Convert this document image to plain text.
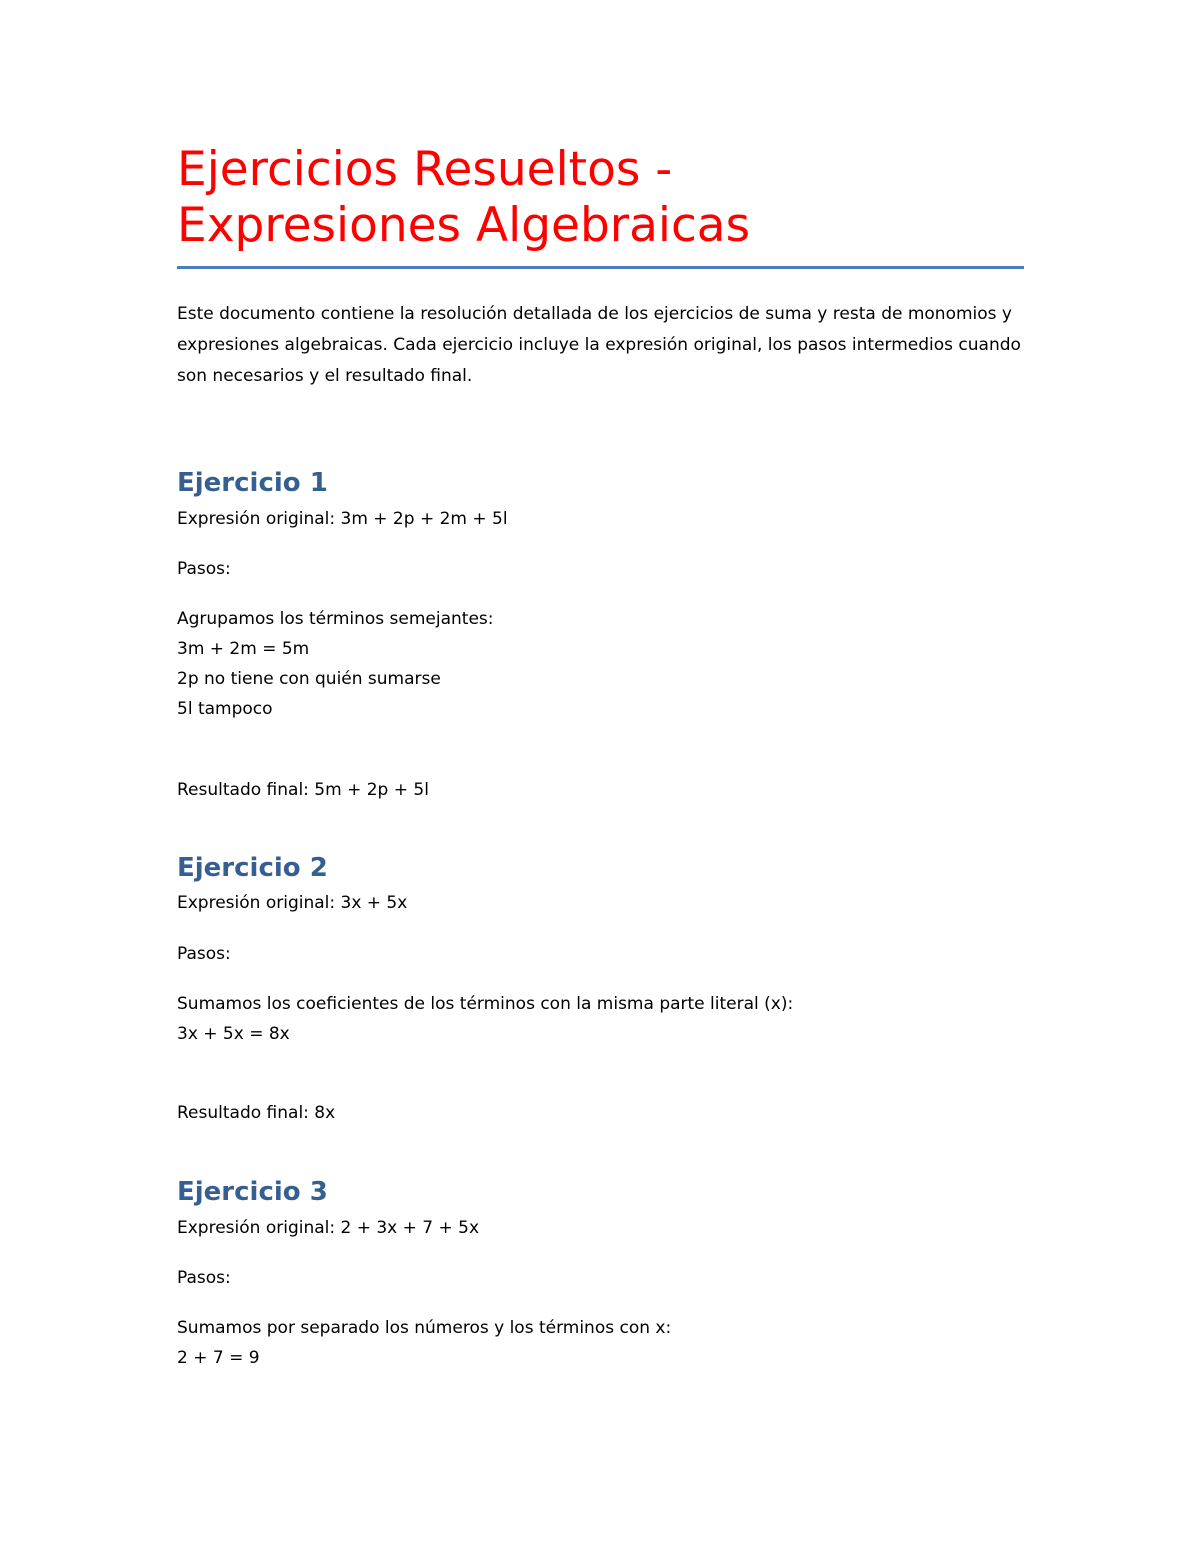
Ejercicios Resueltos -
Expresiones Algebraicas

Este documento contiene la resolución detallada de los ejercicios de suma y resta de monomios y expresiones algebraicas. Cada ejercicio incluye la expresión original, los pasos intermedios cuando son necesarios y el resultado final.

Ejercicio 1

Expresión original: 3m + 2p + 2m + 5l

Pasos:

Agrupamos los términos semejantes:

3m + 2m = 5m

2p no tiene con quién sumarse

5l tampoco

Resultado final: 5m + 2p + 5l

Ejercicio 2

Expresión original: 3x + 5x

Pasos:

Sumamos los coeficientes de los términos con la misma parte literal (x):

3x + 5x = 8x

Resultado final: 8x

Ejercicio 3

Expresión original: 2 + 3x + 7 + 5x

Pasos:

Sumamos por separado los números y los términos con x:

2 + 7 = 9
